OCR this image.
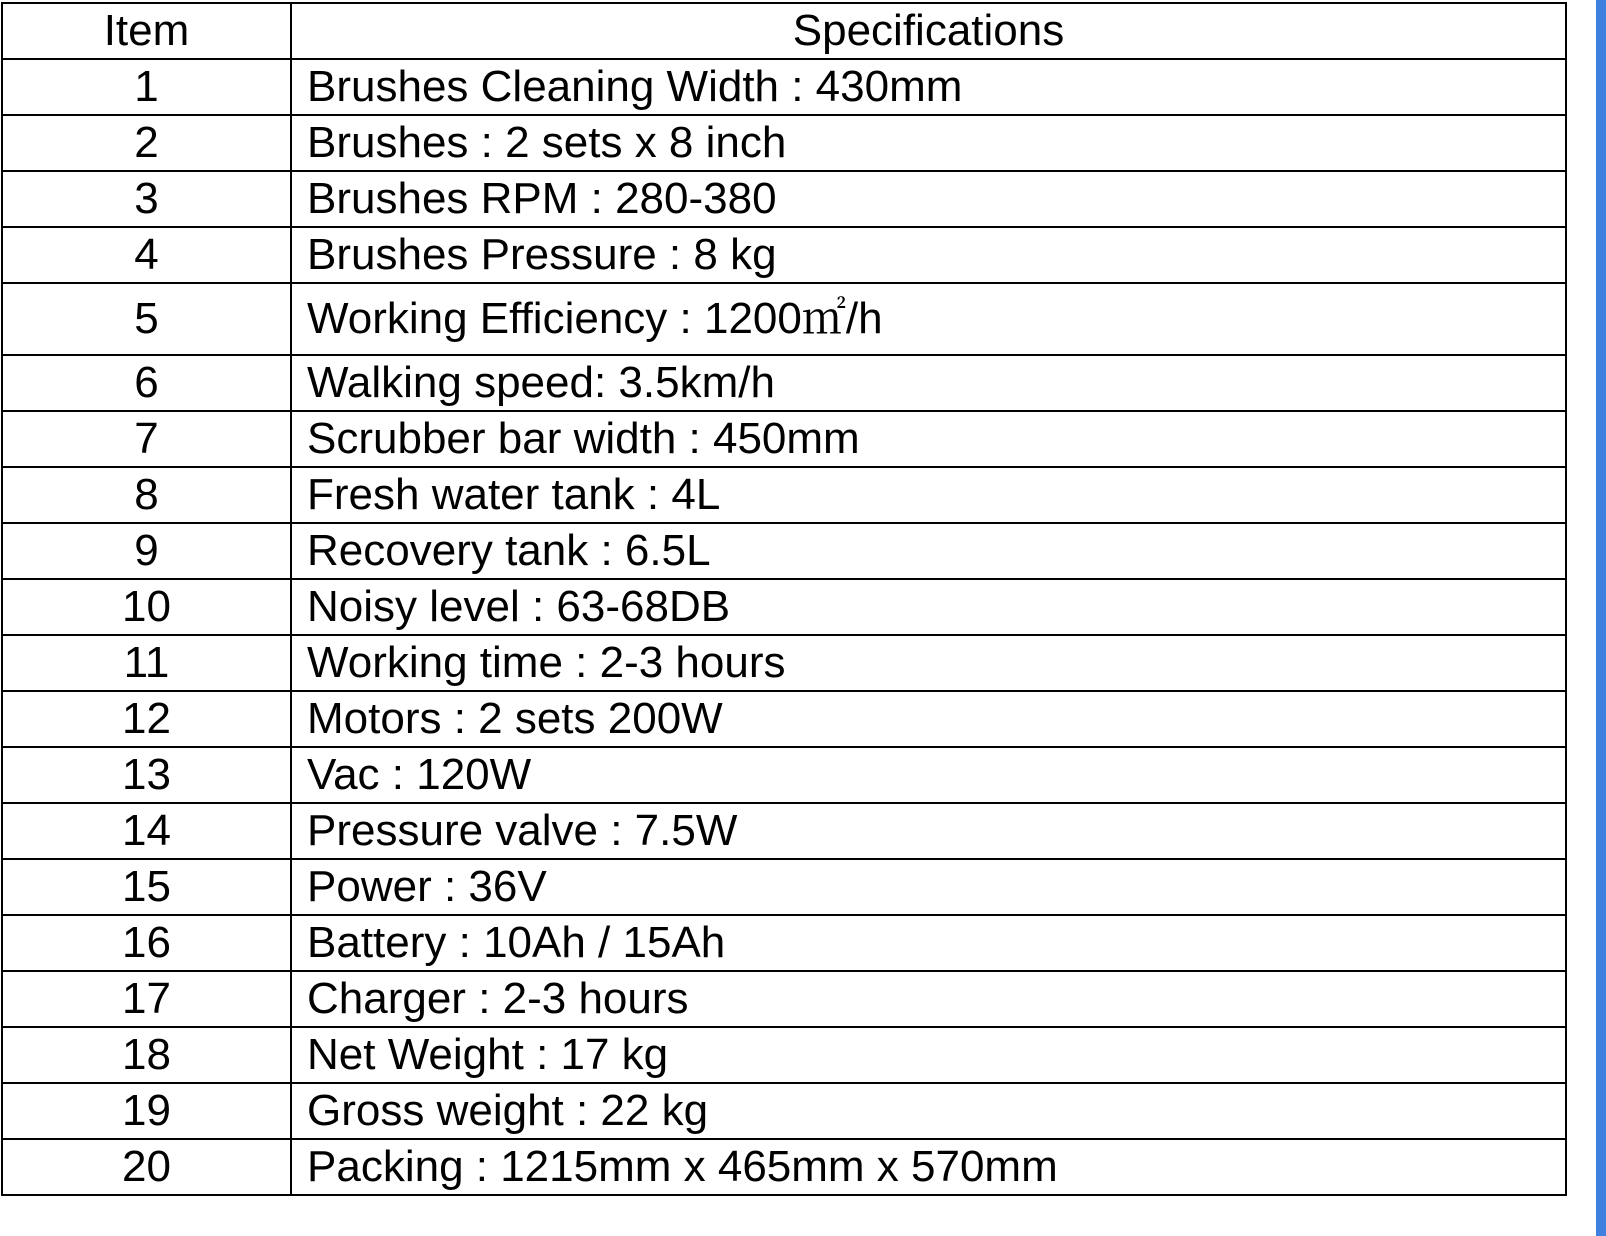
Item	Specifications
1	Brushes Cleaning Width : 430mm
2	Brushes : 2 sets x 8 inch
3	Brushes RPM : 280-380
4	Brushes Pressure : 8 kg
5	Working Efficiency : 1200㎡/h
6	Walking speed: 3.5km/h
7	Scrubber bar width : 450mm
8	Fresh water tank : 4L
9	Recovery tank : 6.5L
10	Noisy level : 63-68DB
11	Working time : 2-3 hours
12	Motors : 2 sets 200W
13	Vac : 120W
14	Pressure valve : 7.5W
15	Power : 36V
16	Battery : 10Ah / 15Ah
17	Charger : 2-3 hours
18	Net Weight : 17 kg
19	Gross weight : 22 kg
20	Packing : 1215mm x 465mm x 570mm
